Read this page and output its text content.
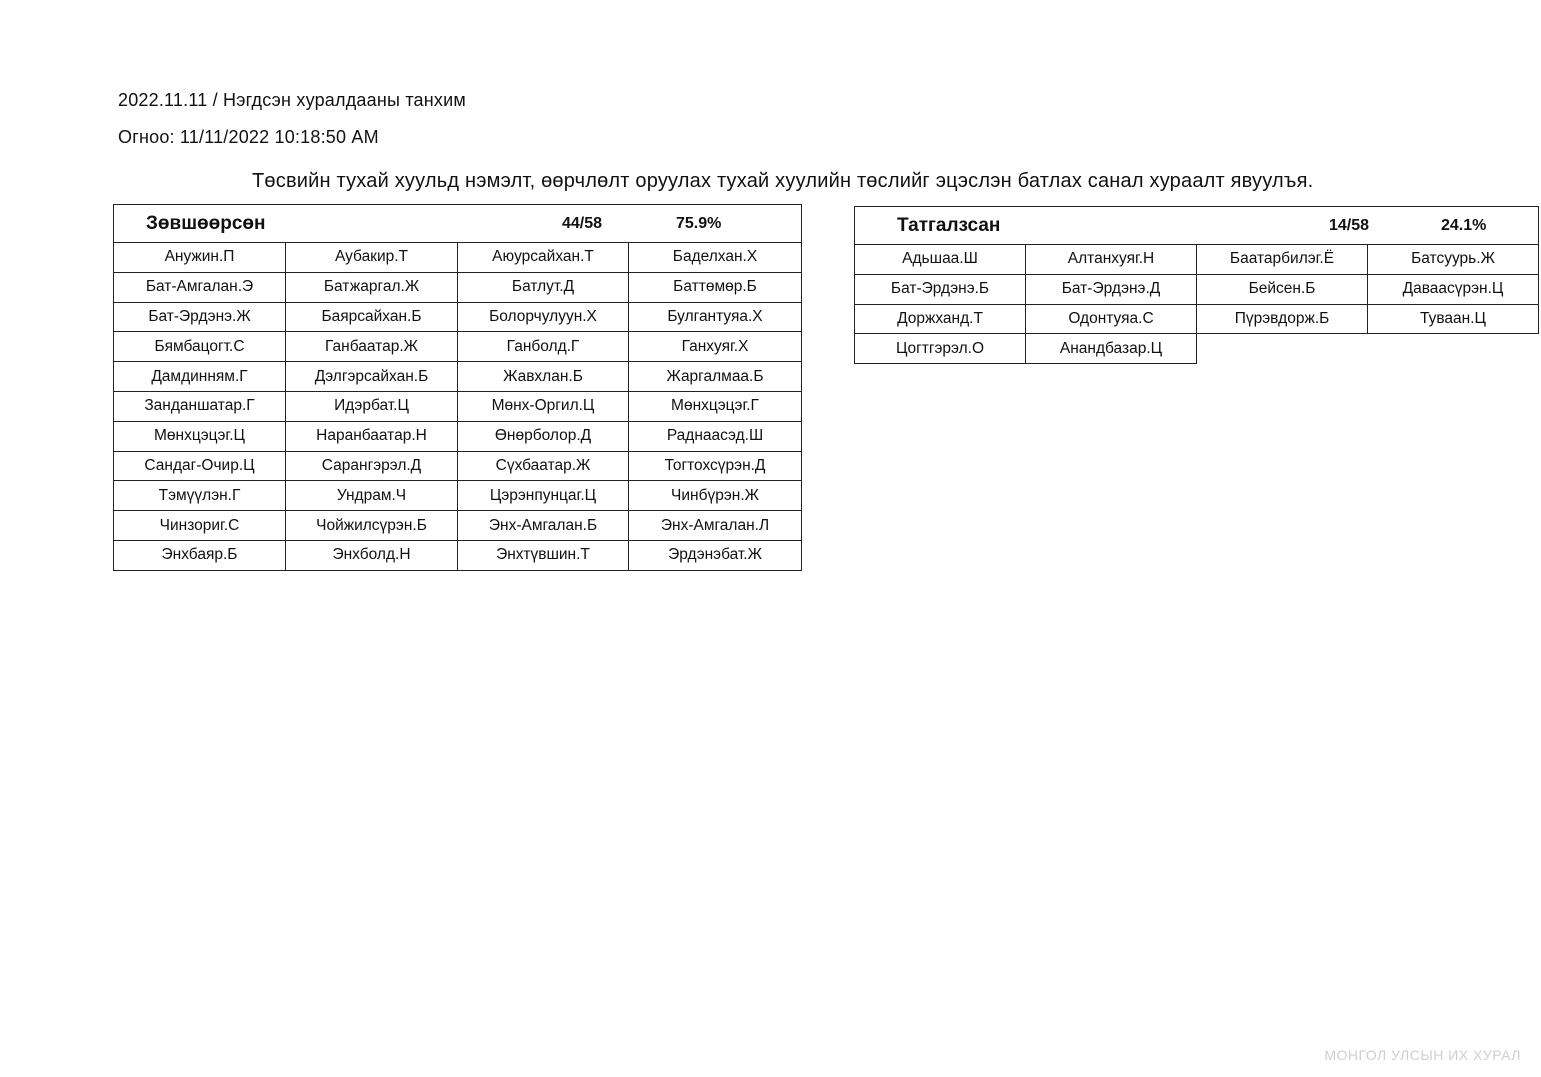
2022.11.11 / Нэгдсэн хуралдааны танхим
Огноо: 11/11/2022 10:18:50 AM
Төсвийн тухай хуульд нэмэлт, өөрчлөлт оруулах тухай хуулийн төслийг эцэслэн батлах санал хураалт явуулъя.
Зөвшөөрсөн 44/58 75.9%			

Анужин.П	Аубакир.Т	Аюурсайхан.Т	Баделхан.Х
Бат-Амгалан.Э	Батжаргал.Ж	Батлут.Д	Баттөмөр.Б
Бат-Эрдэнэ.Ж	Баярсайхан.Б	Болорчулуун.Х	Булгантуяа.Х
Бямбацогт.С	Ганбаатар.Ж	Ганболд.Г	Ганхуяг.Х
Дамдинням.Г	Дэлгэрсайхан.Б	Жавхлан.Б	Жаргалмаа.Б
Занданшатар.Г	Идэрбат.Ц	Мөнх-Оргил.Ц	Мөнхцэцэг.Г
Мөнхцэцэг.Ц	Наранбаатар.Н	Өнөрболор.Д	Раднаасэд.Ш
Сандаг-Очир.Ц	Сарангэрэл.Д	Сүхбаатар.Ж	Тогтохсүрэн.Д
Тэмүүлэн.Г	Ундрам.Ч	Цэрэнпунцаг.Ц	Чинбүрэн.Ж
Чинзориг.С	Чойжилсүрэн.Б	Энх-Амгалан.Б	Энх-Амгалан.Л
Энхбаяр.Б	Энхболд.Н	Энхтүвшин.Т	Эрдэнэбат.Ж
Татгалзсан 14/58 24.1%			

Адьшаа.Ш	Алтанхуяг.Н	Баатарбилэг.Ё	Батсуурь.Ж
Бат-Эрдэнэ.Б	Бат-Эрдэнэ.Д	Бейсен.Б	Даваасүрэн.Ц
Доржханд.Т	Одонтуяа.С	Пүрэвдорж.Б	Туваан.Ц
Цогтгэрэл.О	Анандбазар.Ц		
МОНГОЛ УЛСЫН ИХ ХУРАЛ
